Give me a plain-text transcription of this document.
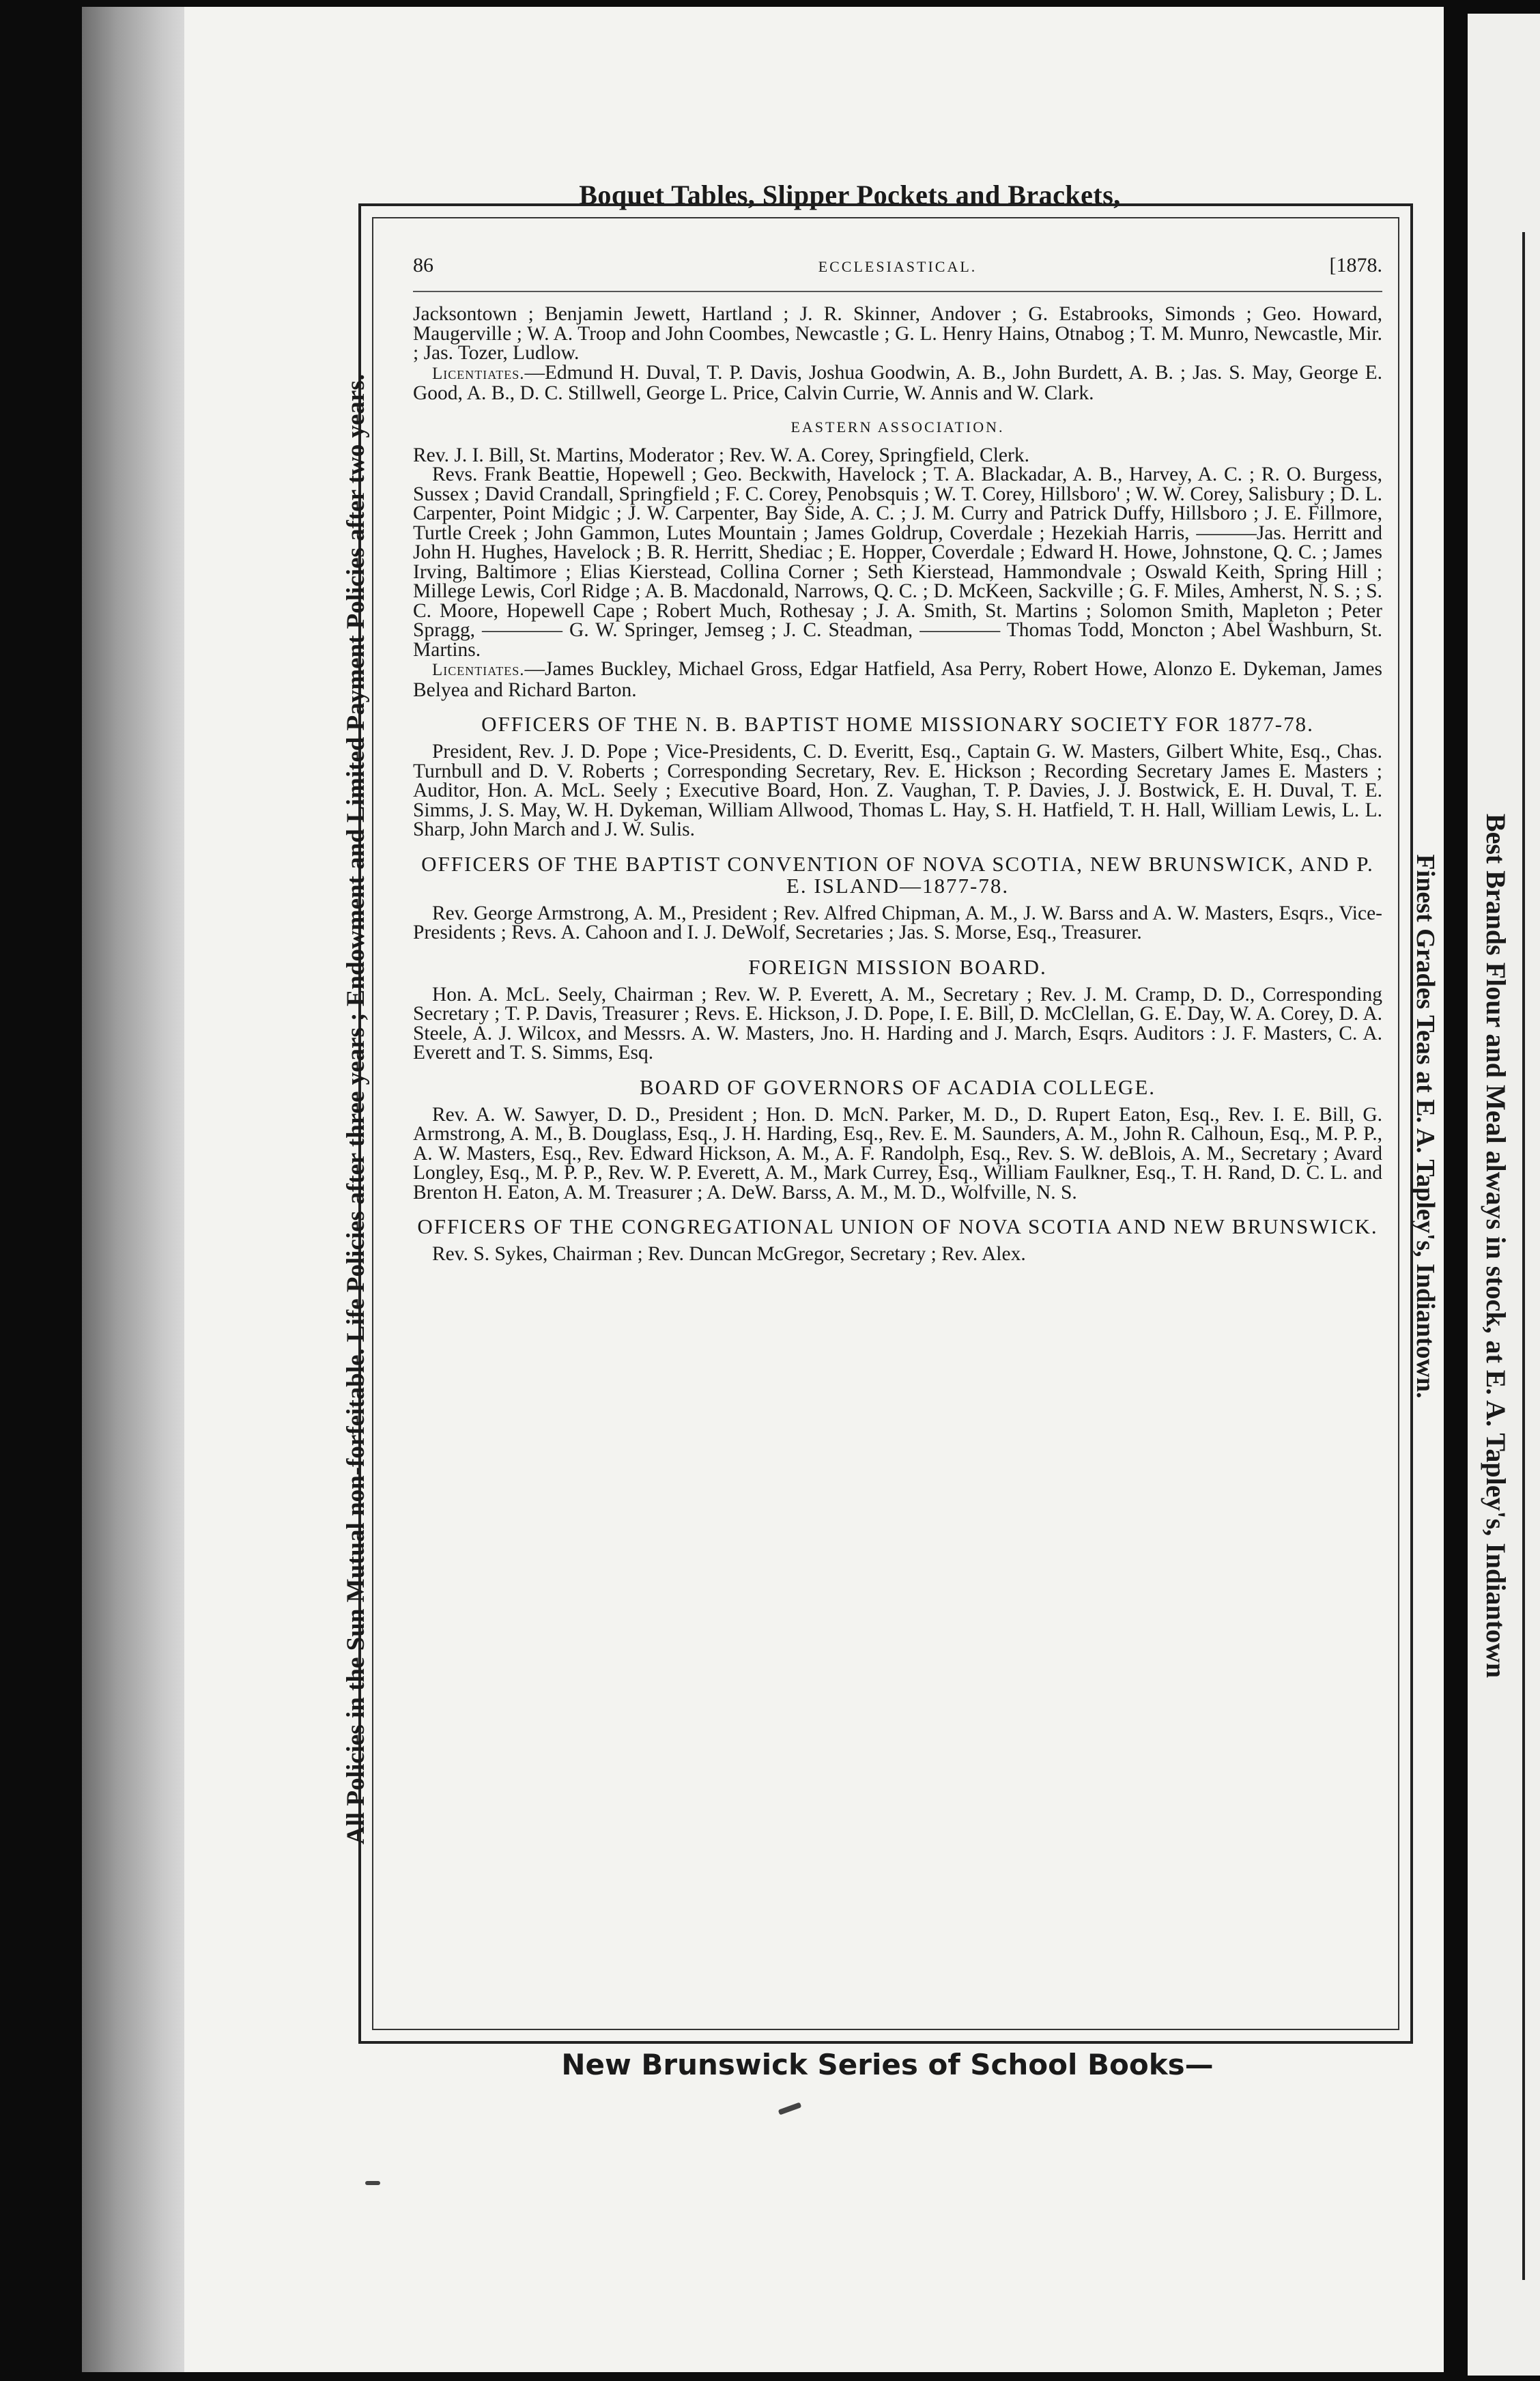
Boquet Tables, Slipper Pockets and Brackets,
86	ECCLESIASTICAL.	[1878.

Jacksontown ; Benjamin Jewett, Hartland ; J. R. Skinner, Andover ; G. Estabrooks, Simonds ; Geo. Howard, Maugerville ; W. A. Troop and John Coombes, Newcastle ; G. L. Henry Hains, Otnabog ; T. M. Munro, Newcastle, Mir. ; Jas. Tozer, Ludlow.

Licentiates.—Edmund H. Duval, T. P. Davis, Joshua Goodwin, A. B., John Burdett, A. B. ; Jas. S. May, George E. Good, A. B., D. C. Stillwell, George L. Price, Calvin Currie, W. Annis and W. Clark.

EASTERN ASSOCIATION.

Rev. J. I. Bill, St. Martins, Moderator ; Rev. W. A. Corey, Springfield, Clerk.

Revs. Frank Beattie, Hopewell ; Geo. Beckwith, Havelock ; T. A. Blackadar, A. B., Harvey, A. C. ; R. O. Burgess, Sussex ; David Crandall, Springfield ; F. C. Corey, Penobsquis ; W. T. Corey, Hillsboro' ; W. W. Corey, Salisbury ; D. L. Carpenter, Point Midgic ; J. W. Carpenter, Bay Side, A. C. ; J. M. Curry and Patrick Duffy, Hillsboro ; J. E. Fillmore, Turtle Creek ; John Gammon, Lutes Mountain ; James Goldrup, Coverdale ; Hezekiah Harris, ———Jas. Herritt and John H. Hughes, Havelock ; B. R. Herritt, Shediac ; E. Hopper, Coverdale ; Edward H. Howe, Johnstone, Q. C. ; James Irving, Baltimore ; Elias Kierstead, Collina Corner ; Seth Kierstead, Hammondvale ; Oswald Keith, Spring Hill ; Millege Lewis, Corl Ridge ; A. B. Macdonald, Narrows, Q. C. ; D. McKeen, Sackville ; G. F. Miles, Amherst, N. S. ; S. C. Moore, Hopewell Cape ; Robert Much, Rothesay ; J. A. Smith, St. Martins ; Solomon Smith, Mapleton ; Peter Spragg, ———— G. W. Springer, Jemseg ; J. C. Steadman, ———— Thomas Todd, Moncton ; Abel Washburn, St. Martins.

Licentiates.—James Buckley, Michael Gross, Edgar Hatfield, Asa Perry, Robert Howe, Alonzo E. Dykeman, James Belyea and Richard Barton.

OFFICERS OF THE N. B. BAPTIST HOME MISSIONARY SOCIETY FOR 1877-78.

President, Rev. J. D. Pope ; Vice-Presidents, C. D. Everitt, Esq., Captain G. W. Masters, Gilbert White, Esq., Chas. Turnbull and D. V. Roberts ; Corresponding Secretary, Rev. E. Hickson ; Recording Secretary James E. Masters ; Auditor, Hon. A. McL. Seely ; Executive Board, Hon. Z. Vaughan, T. P. Davies, J. J. Bostwick, E. H. Duval, T. E. Simms, J. S. May, W. H. Dykeman, William Allwood, Thomas L. Hay, S. H. Hatfield, T. H. Hall, William Lewis, L. L. Sharp, John March and J. W. Sulis.

OFFICERS OF THE BAPTIST CONVENTION OF NOVA SCOTIA, NEW BRUNSWICK, AND P. E. ISLAND—1877-78.

Rev. George Armstrong, A. M., President ; Rev. Alfred Chipman, A. M., J. W. Barss and A. W. Masters, Esqrs., Vice-Presidents ; Revs. A. Cahoon and I. J. DeWolf, Secretaries ; Jas. S. Morse, Esq., Treasurer.

FOREIGN MISSION BOARD.

Hon. A. McL. Seely, Chairman ; Rev. W. P. Everett, A. M., Secretary ; Rev. J. M. Cramp, D. D., Corresponding Secretary ; T. P. Davis, Treasurer ; Revs. E. Hickson, J. D. Pope, I. E. Bill, D. McClellan, G. E. Day, W. A. Corey, D. A. Steele, A. J. Wilcox, and Messrs. A. W. Masters, Jno. H. Harding and J. March, Esqrs. Auditors : J. F. Masters, C. A. Everett and T. S. Simms, Esq.

BOARD OF GOVERNORS OF ACADIA COLLEGE.

Rev. A. W. Sawyer, D. D., President ; Hon. D. McN. Parker, M. D., D. Rupert Eaton, Esq., Rev. I. E. Bill, G. Armstrong, A. M., B. Douglass, Esq., J. H. Harding, Esq., Rev. E. M. Saunders, A. M., John R. Calhoun, Esq., M. P. P., A. W. Masters, Esq., Rev. Edward Hickson, A. M., A. F. Randolph, Esq., Rev. S. W. deBlois, A. M., Secretary ; Avard Longley, Esq., M. P. P., Rev. W. P. Everett, A. M., Mark Currey, Esq., William Faulkner, Esq., T. H. Rand, D. C. L. and Brenton H. Eaton, A. M. Treasurer ; A. DeW. Barss, A. M., M. D., Wolfville, N. S.

OFFICERS OF THE CONGREGATIONAL UNION OF NOVA SCOTIA AND NEW BRUNSWICK.

Rev. S. Sykes, Chairman ; Rev. Duncan McGregor, Secretary ; Rev. Alex.

New Brunswick Series of School Books—
All Policies in the Sun Mutual non-forfeitable. Life Policies after three years ; Endowment and Limited Payment Policies after two years.	Finest Grades Teas at E. A. Tapley's, Indiantown. Best Brands Flour and Meal always in stock, at E. A. Tapley's, Indiantown
